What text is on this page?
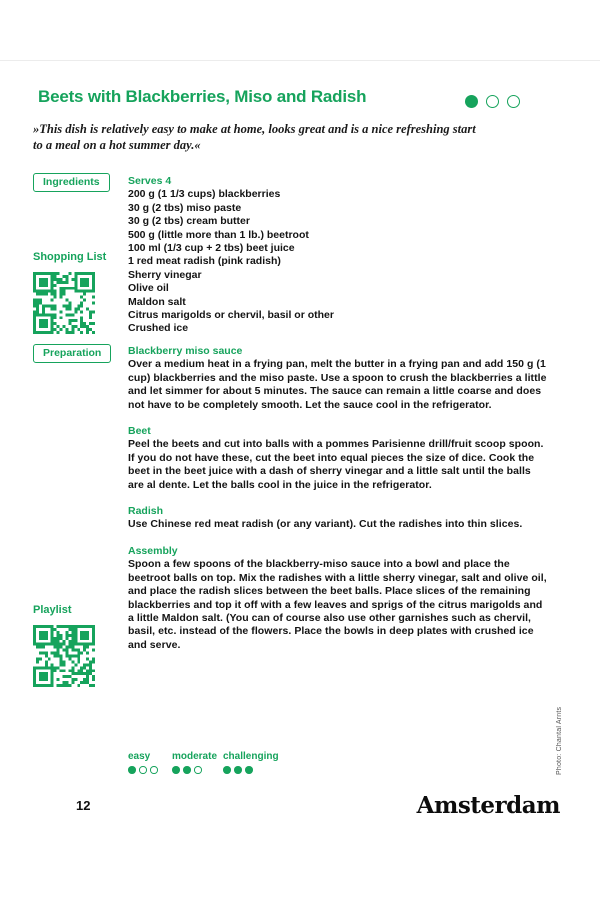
Beets with Blackberries, Miso and Radish

»This dish is relatively easy to make at home, looks great and is a nice refreshing start
to a meal on a hot summer day.«

Ingredients
Shopping List
Preparation
Playlist
Serves 4
200 g (1 1/3 cups) blackberries
30 g (2 tbs) miso paste
30 g (2 tbs) cream butter
500 g (little more than 1 lb.) beetroot
100 ml (1/3 cup + 2 tbs) beet juice
1 red meat radish (pink radish)
Sherry vinegar
Olive oil
Maldon salt
Citrus marigolds or chervil, basil or other
Crushed ice
Blackberry miso sauce
Over a medium heat in a frying pan, melt the butter in a frying pan and add 150 g (1 cup) blackberries and the miso paste. Use a spoon to crush the blackberries a little and let simmer for about 5 minutes. The sauce can remain a little coarse and does not have to be completely smooth. Let the sauce cool in the refrigerator.
Beet
Peel the beets and cut into balls with a pommes Parisienne drill/fruit scoop spoon. If you do not have these, cut the beet into equal pieces the size of dice. Cook the beet in the beet juice with a dash of sherry vinegar and a little salt until the balls are al dente. Let the balls cool in the juice in the refrigerator.
Radish
Use Chinese red meat radish (or any variant). Cut the radishes into thin slices.
Assembly
Spoon a few spoons of the blackberry-miso sauce into a bowl and place the beetroot balls on top. Mix the radishes with a little sherry vinegar, salt and olive oil, and place the radish slices between the beet balls. Place slices of the remaining blackberries and top it off with a few leaves and sprigs of the citrus marigolds and a little Maldon salt. (You can of course also use other garnishes such as chervil, basil, etc. instead of the flowers. Place the bowls in deep plates with crushed ice and serve.
easy	moderate challenging
12	Amsterdam
Photo: Chantal Arnts
